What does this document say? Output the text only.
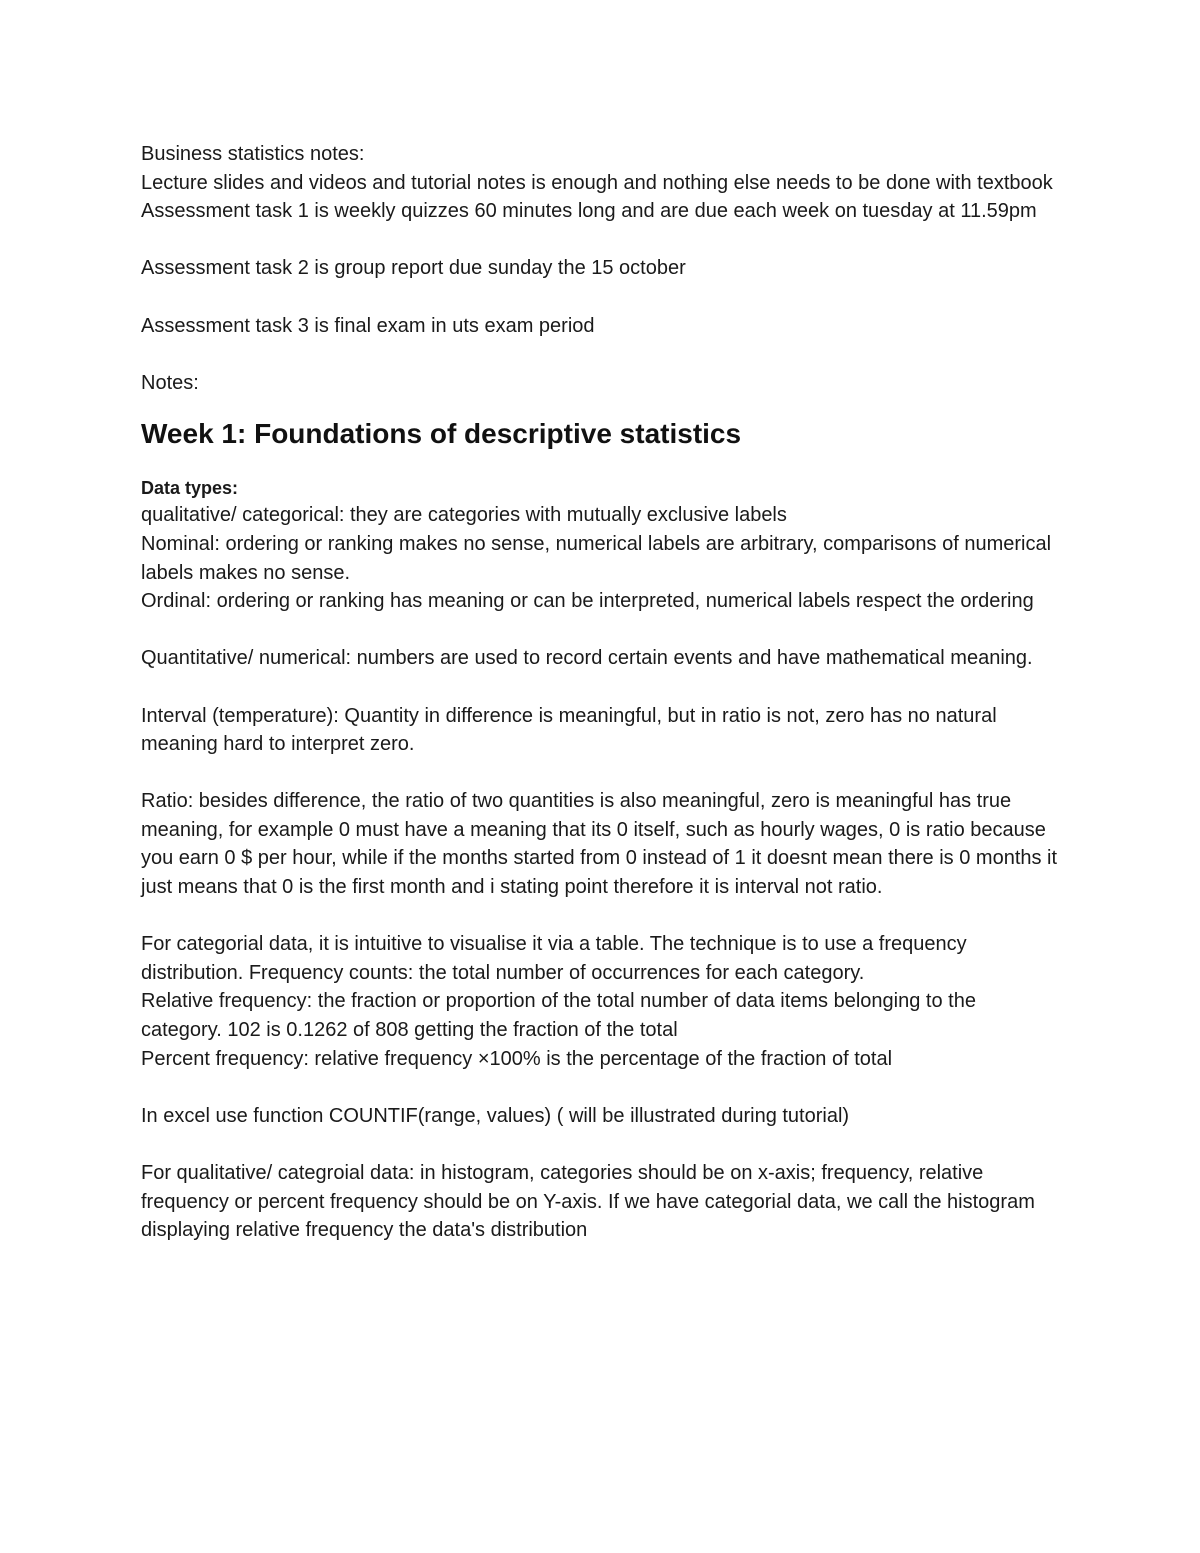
Business statistics notes:

Lecture slides and videos and tutorial notes is enough and nothing else needs to be done with textbook

Assessment task 1 is weekly quizzes 60 minutes long and are due each week on tuesday at 11.59pm

Assessment task 2 is group report due sunday the 15 october

Assessment task 3 is final exam in uts exam period

Notes:

Week 1: Foundations of descriptive statistics

Data types:

qualitative/ categorical: they are categories with mutually exclusive labels

Nominal: ordering or ranking makes no sense, numerical labels are arbitrary, comparisons of numerical labels makes no sense.

Ordinal: ordering or ranking has meaning or can be interpreted, numerical labels respect the ordering

Quantitative/ numerical: numbers are used to record certain events and have mathematical meaning.

Interval (temperature): Quantity in difference is meaningful, but in ratio is not, zero has no natural meaning hard to interpret zero.

Ratio: besides difference, the ratio of two quantities is also meaningful, zero is meaningful has true meaning, for example 0 must have a meaning that its 0 itself, such as hourly wages, 0 is ratio because you earn 0 $ per hour, while if the months started from 0 instead of 1 it doesnt mean there is 0 months it just means that 0 is the first month and i stating point therefore it is interval not ratio.

For categorial data, it is intuitive to visualise it via a table. The technique is to use a frequency distribution. Frequency counts: the total number of occurrences for each category.

Relative frequency: the fraction or proportion of the total number of data items belonging to the category. 102 is 0.1262 of 808 getting the fraction of the total

Percent frequency: relative frequency ×100% is the percentage of the fraction of total

In excel use function COUNTIF(range, values) ( will be illustrated during tutorial)

For qualitative/ categroial data: in histogram, categories should be on x-axis; frequency, relative frequency or percent frequency should be on Y-axis. If we have categorial data, we call the histogram displaying relative frequency the data's distribution
